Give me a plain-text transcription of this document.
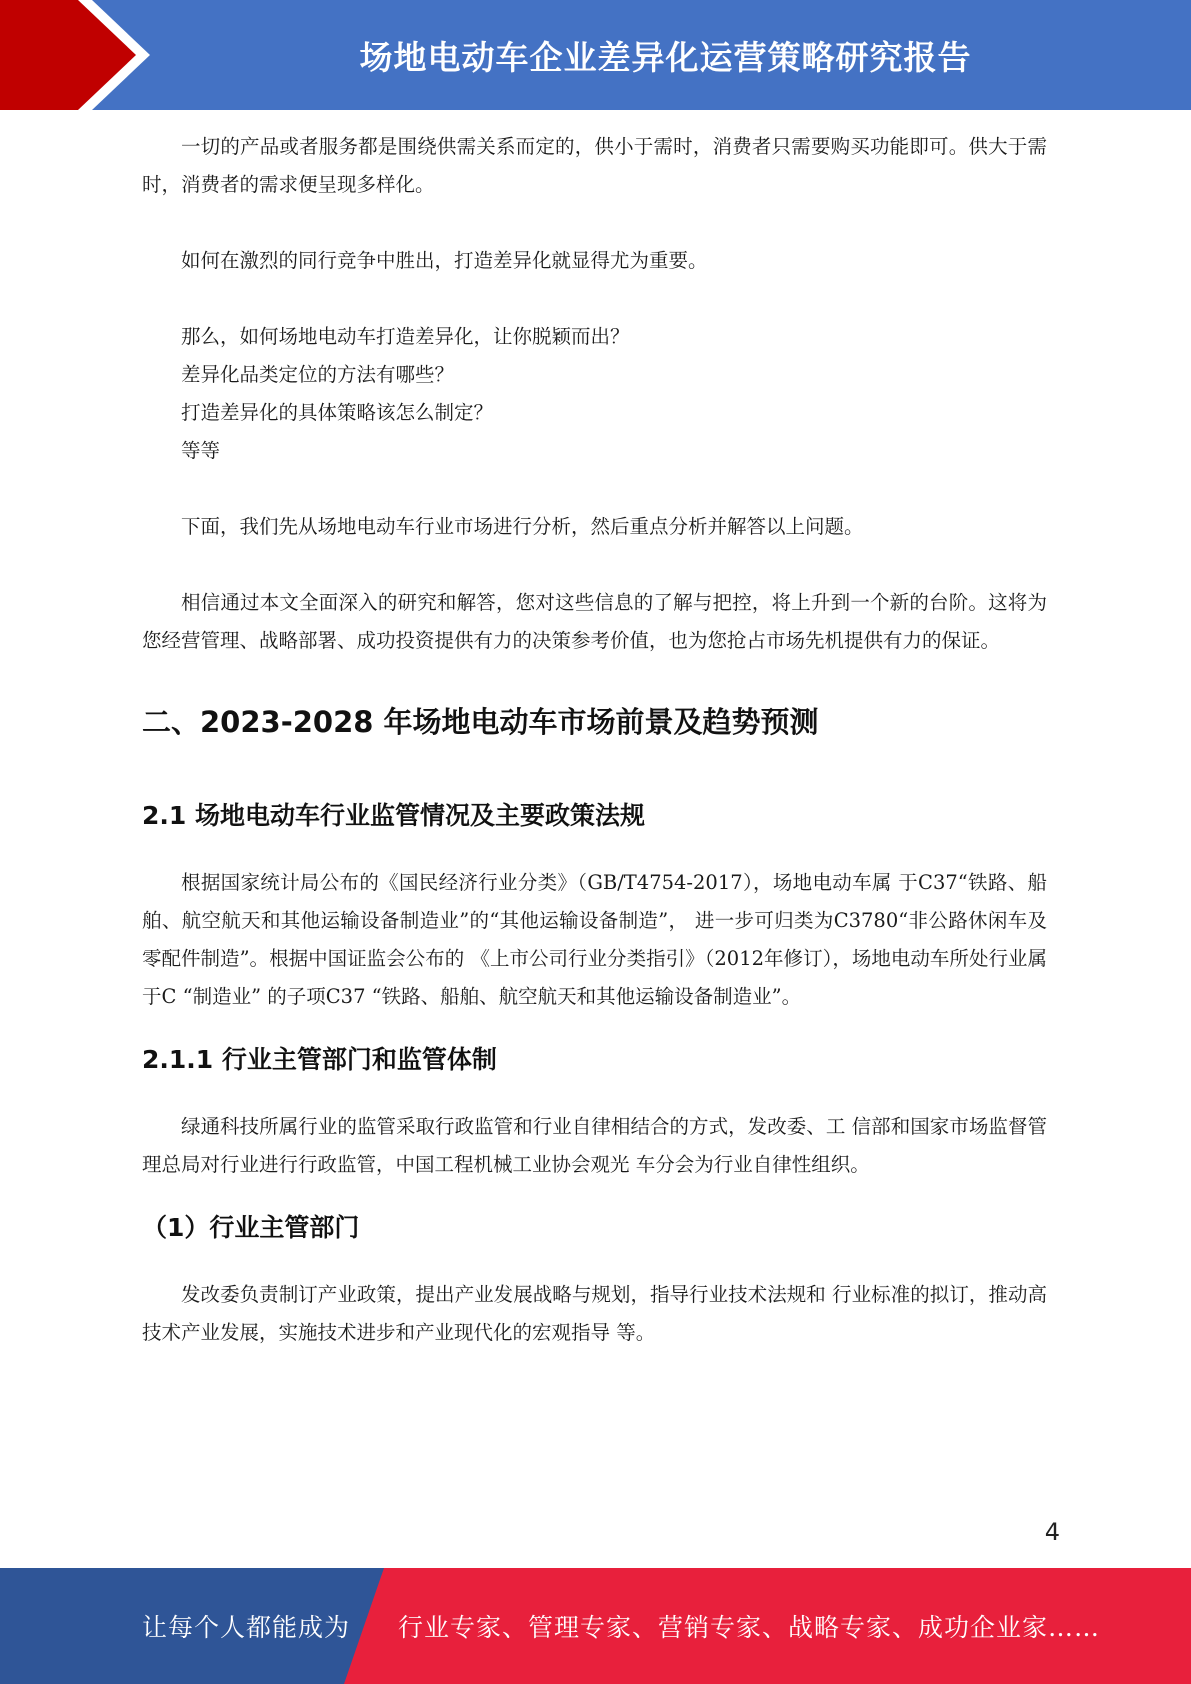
场地电动车企业差异化运营策略研究报告

一切的产品或者服务都是围绕供需关系而定的，供小于需时，消费者只需要购买功能即可。供大于需时，消费者的需求便呈现多样化。

如何在激烈的同行竞争中胜出，打造差异化就显得尤为重要。

那么，如何场地电动车打造差异化，让你脱颖而出？

差异化品类定位的方法有哪些？

打造差异化的具体策略该怎么制定？

等等

下面，我们先从场地电动车行业市场进行分析，然后重点分析并解答以上问题。

相信通过本文全面深入的研究和解答，您对这些信息的了解与把控，将上升到一个新的台阶。这将为您经营管理、战略部署、成功投资提供有力的决策参考价值，也为您抢占市场先机提供有力的保证。

二、2023-2028 年场地电动车市场前景及趋势预测
2.1 场地电动车行业监管情况及主要政策法规

根据国家统计局公布的《国民经济行业分类》（GB/T4754-2017），场地电动车属 于C37“铁路、船舶、航空航天和其他运输设备制造业”的“其他运输设备制造”， 进一步可归类为C3780“非公路休闲车及零配件制造”。根据中国证监会公布的 《上市公司行业分类指引》（2012年修订），场地电动车所处行业属于C “制造业” 的子项C37 “铁路、船舶、航空航天和其他运输设备制造业”。

2.1.1 行业主管部门和监管体制

绿通科技所属行业的监管采取行政监管和行业自律相结合的方式，发改委、工 信部和国家市场监督管理总局对行业进行行政监管，中国工程机械工业协会观光 车分会为行业自律性组织。

（1）行业主管部门

发改委负责制订产业政策，提出产业发展战略与规划，指导行业技术法规和 行业标准的拟订，推动高技术产业发展，实施技术进步和产业现代化的宏观指导 等。

4
让每个人都能成为 行业专家、管理专家、营销专家、战略专家、成功企业家……
